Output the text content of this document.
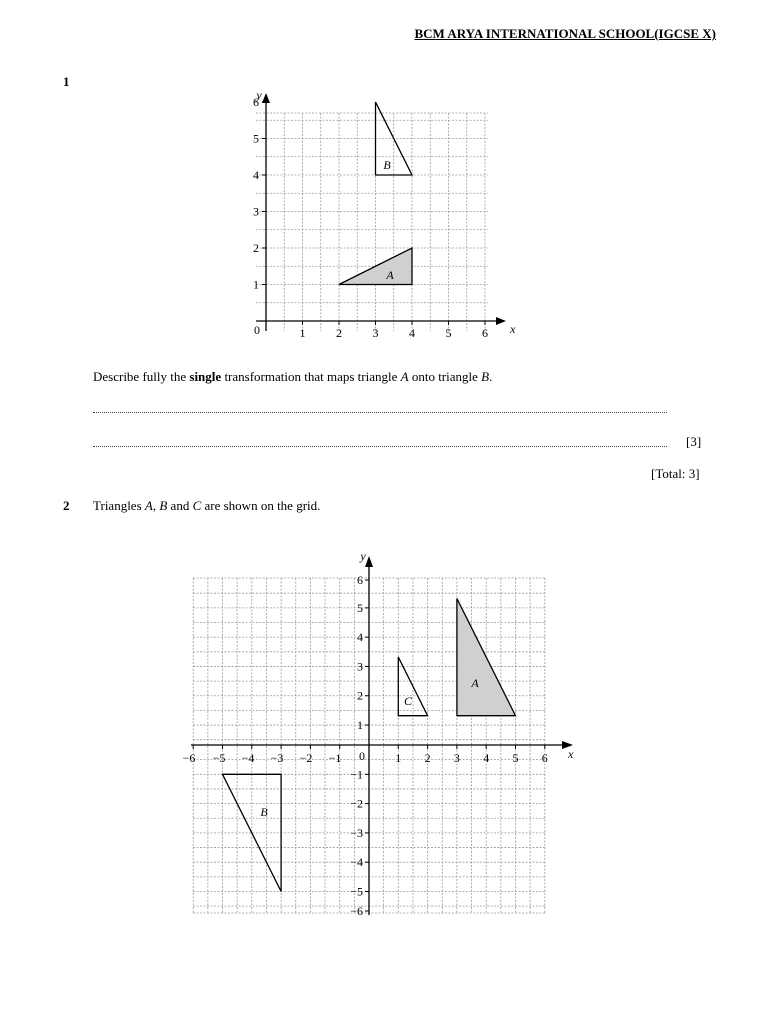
BCM ARYA INTERNATIONAL SCHOOL(IGCSE X)
1
1	2	3	4	5	6
1
2
3
4
5
6
0
y
x
A
B
Describe fully the single transformation that maps triangle A onto triangle B.
[3]
[Total: 3]
2 Triangles A, B and C are shown on the grid.
−6 −5 −4 −3 −2 −1	1 2 3 4 5 6
−6
−5
−4
−3
−2
−1
1
2
3
4
5
6
0
y
x
A
B
C
